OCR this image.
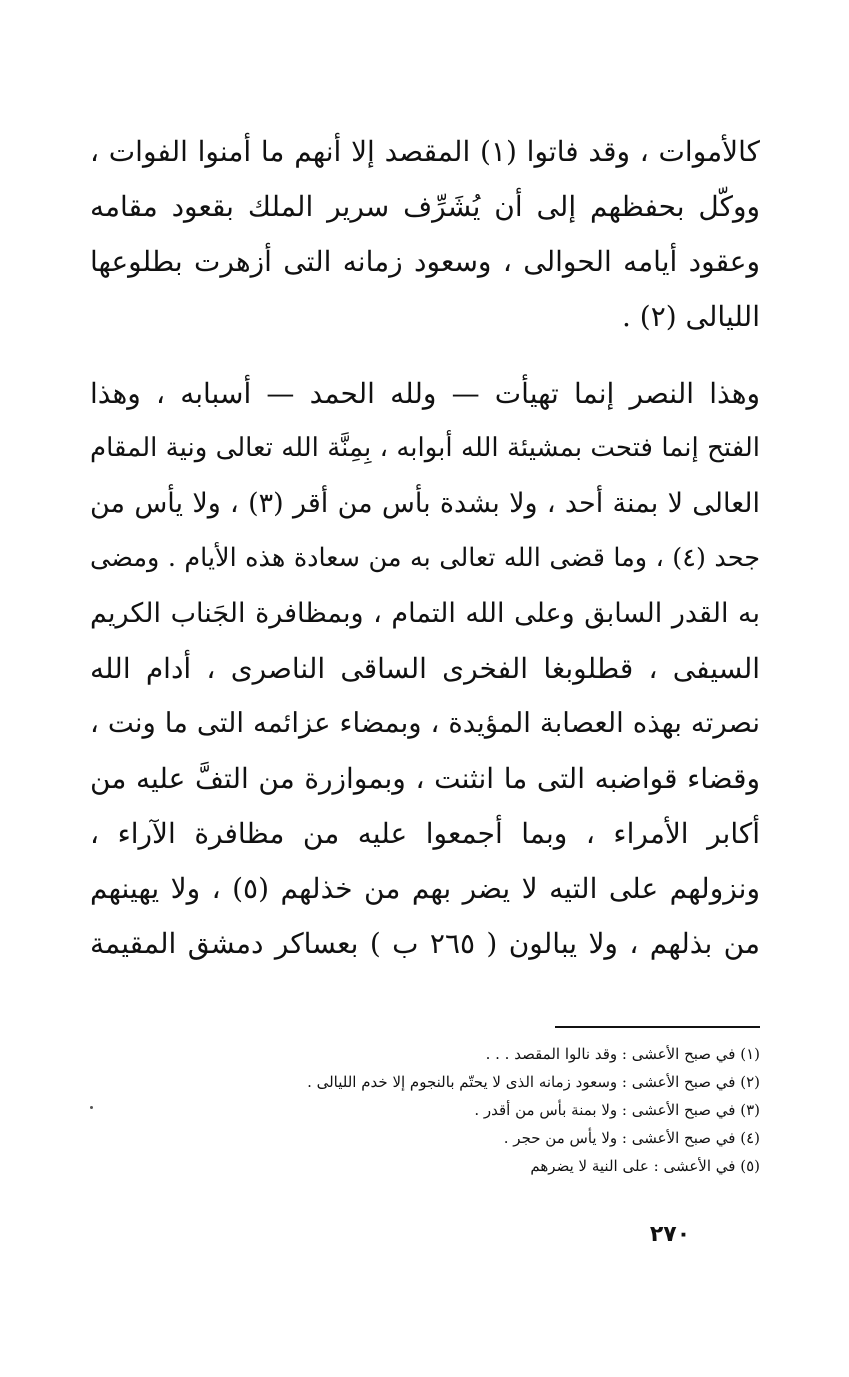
كالأموات ، وقد فاتوا (١) المقصد إلا أنهم ما أمنوا الفوات ،
ووكّل بحفظهم إلى أن يُشَرِّف سرير الملك بقعود مقامه
وعقود أيامه الحوالى ، وسعود زمانه التى أزهرت بطلوعها
الليالى (٢) .
وهذا النصر إنما تهيأت — ولله الحمد — أسبابه ، وهذا
الفتح إنما فتحت بمشيئة الله أبوابه ، بِمِنَّة الله تعالى ونية المقام
العالى لا بمنة أحد ، ولا بشدة بأس من أقر (٣) ، ولا يأس من
جحد (٤) ، وما قضى الله تعالى به من سعادة هذه الأيام . ومضى
به القدر السابق وعلى الله التمام ، وبمظافرة الجَناب الكريم
السيفى ، قطلوبغا الفخرى الساقى الناصرى ، أدام الله
نصرته بهذه العصابة المؤيدة ، وبمضاء عزائمه التى ما ونت ،
وقضاء قواضبه التى ما انثنت ، وبموازرة من التفَّ عليه من
أكابر الأمراء ، وبما أجمعوا عليه من مظافرة الآراء ،
ونزولهم على التيه لا يضر بهم من خذلهم (٥) ، ولا يهينهم
من بذلهم ، ولا يبالون ( ٢٦٥ ب ) بعساكر دمشق المقيمة
(١) في صبح الأعشى : وقد نالوا المقصد . . .
(٢) في صبح الأعشى : وسعود زمانه الذى لا يحتّم بالنجوم إلا خدم الليالى .
(٣) في صبح الأعشى : ولا بمنة بأس من أقدر .
(٤) في صبح الأعشى : ولا يأس من حجر .
(٥) في الأعشى : على النية لا يضرهم
٢٧٠
